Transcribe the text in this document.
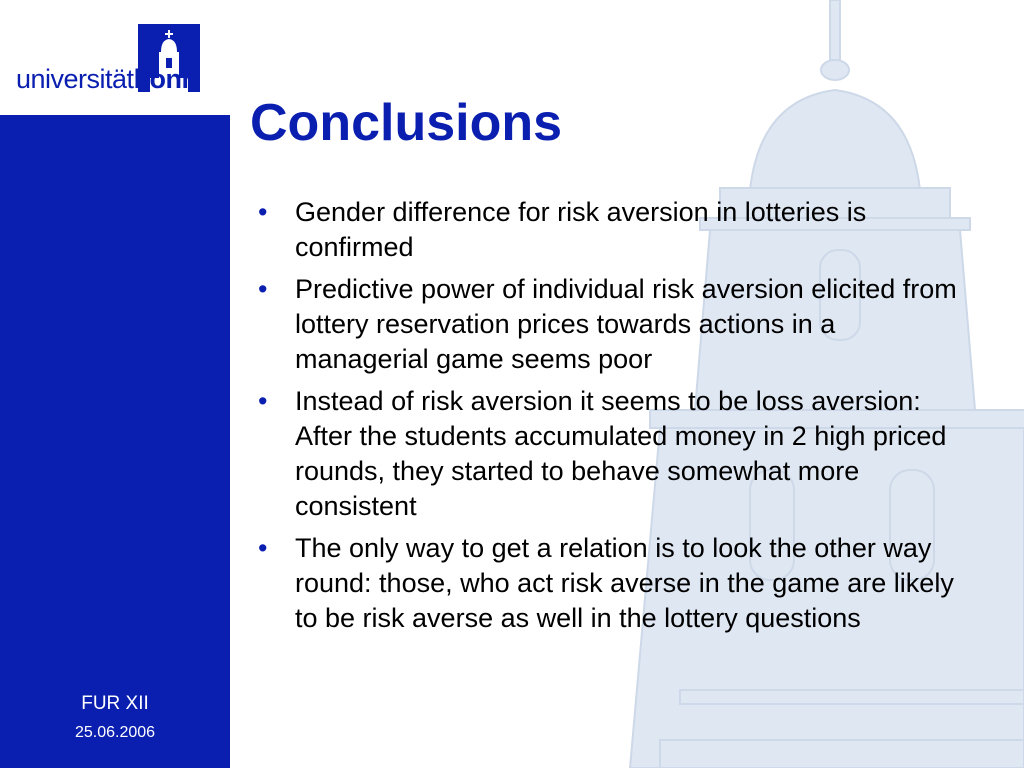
universitätbonn
FUR XII
25.06.2006
Conclusions
• Gender difference for risk aversion in lotteries is confirmed
• Predictive power of individual risk aversion elicited from lottery reservation prices towards actions in a managerial game seems poor
• Instead of risk aversion it seems to be loss aversion: After the students accumulated money in 2 high priced rounds, they started to behave somewhat more consistent
• The only way to get a relation is to look the other way round: those, who act risk averse in the game are likely to be risk averse as well in the lottery questions
